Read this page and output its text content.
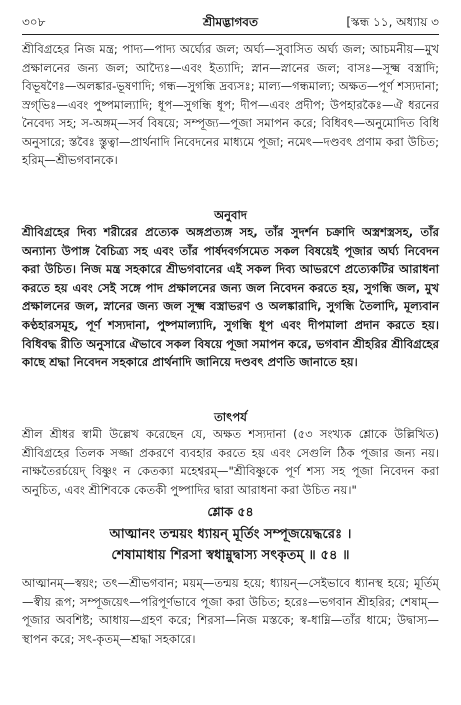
৩০৮	শ্রীমদ্ভাগবত	[স্কন্ধ ১১, অধ্যায় ৩

শ্রীবিগ্রহের নিজ মন্ত্র; পাদ্য—পাদ্য অর্ঘ্যের জল; অর্ঘ্য—সুবাসিত অর্ঘ্য জল; আচমনীয়—মুখ প্রক্ষালনের জন্য জল; আদ্যৈঃ—এবং ইত্যাদি; স্নান—স্নানের জল; বাসঃ—সূক্ষ্ম বস্ত্রাদি; বিভূষণৈঃ—অলঙ্কার-ভূষণাদি; গন্ধ—সুগন্ধি দ্রব্যসঃ; মাল্য—গন্ধমাল্য; অক্ষত—পূর্ণ শস্যদানা; স্রগ্‌ভিঃ—এবং পুষ্পমাল্যাদি; ধূপ—সুগন্ধি ধূপ; দীপ—এবং প্রদীপ; উপহারকৈঃ—ঐ ধরনের নৈবেদ্য সহ; স-অঙ্গম্—সর্ব বিষয়ে; সম্পূজ্য—পূজা সমাপন করে; বিধিবৎ—অনুমোদিত বিধি অনুসারে; স্তবৈঃ স্তুত্বা—প্রার্থনাদি নিবেদনের মাধ্যমে পূজা; নমেৎ—দণ্ডবৎ প্রণাম করা উচিত; হরিম্—শ্রীভগবানকে।

অনুবাদ

শ্রীবিগ্রহের দিব্য শরীরের প্রত্যেক অঙ্গপ্রত্যঙ্গ সহ, তাঁর সুদর্শন চক্রাদি অস্ত্রশস্ত্রসহ, তাঁর অন্যান্য উপাঙ্গ বৈচিত্র্য সহ এবং তাঁর পার্ষদবর্গসমেত সকল বিষয়েই পূজার অর্ঘ্য নিবেদন করা উচিত। নিজ মন্ত্র সহকারে শ্রীভগবানের এই সকল দিব্য আভরণে প্রত্যেকটির আরাধনা করতে হয় এবং সেই সঙ্গে পাদ প্রক্ষালনের জন্য জল নিবেদন করতে হয়, সুগন্ধি জল, মুখ প্রক্ষালনের জল, স্নানের জন্য জল সূক্ষ্ম বস্ত্রাভরণ ও অলঙ্কারাদি, সুগন্ধি তৈলাদি, মূল্যবান কণ্ঠহারসমূহ, পূর্ণ শস্যদানা, পুষ্পমাল্যাদি, সুগন্ধি ধূপ এবং দীপমালা প্রদান করতে হয়। বিধিবদ্ধ রীতি অনুসারে ঐভাবে সকল বিষয়ে পূজা সমাপন করে, ভগবান শ্রীহরির শ্রীবিগ্রহের কাছে শ্রদ্ধা নিবেদন সহকারে প্রার্থনাদি জানিয়ে দণ্ডবৎ প্রণতি জানাতে হয়।

তাৎপর্য

শ্রীল শ্রীধর স্বামী উল্লেখ করেছেন যে, অক্ষত শস্যদানা (৫৩ সংখ্যক শ্লোকে উল্লিখিত) শ্রীবিগ্রহের তিলক সজ্জা প্রকরণে ব্যবহার করতে হয় এবং সেগুলি ঠিক পূজার জন্য নয়। নাক্ষতৈরর্চয়েদ্ বিষ্ণুং ন কেতক্যা মহেশ্বরম্—"শ্রীবিষ্ণুকে পূর্ণ শস্য সহ পূজা নিবেদন করা অনুচিত, এবং শ্রীশিবকে কেতকী পুষ্পাদির দ্বারা আরাধনা করা উচিত নয়।"

শ্লোক ৫৪
আত্মানং তন্ময়ং ধ্যায়ন্ মূর্তিং সম্পূজয়েদ্ধরেঃ ।
শেষামাধায় শিরসা স্বধাম্নুদ্বাস্য সৎকৃতম্ ॥ ৫৪ ॥

আত্মানম্—স্বয়ং; তৎ—শ্রীভগবান; ময়ম্—তন্ময় হয়ে; ধ্যায়ন্—সেইভাবে ধ্যানস্থ হয়ে; মূর্তিম্—স্বীয় রূপ; সম্পূজয়েৎ—পরিপূর্ণভাবে পূজা করা উচিত; হরেঃ—ভগবান শ্রীহরির; শেষাম্—পূজার অবশিষ্ট; আধায়—গ্রহণ করে; শিরসা—নিজ মস্তকে; স্ব-ধাম্নি—তাঁর ধামে; উদ্বাস্য—স্থাপন করে; সৎ-কৃতম্—শ্রদ্ধা সহকারে।
